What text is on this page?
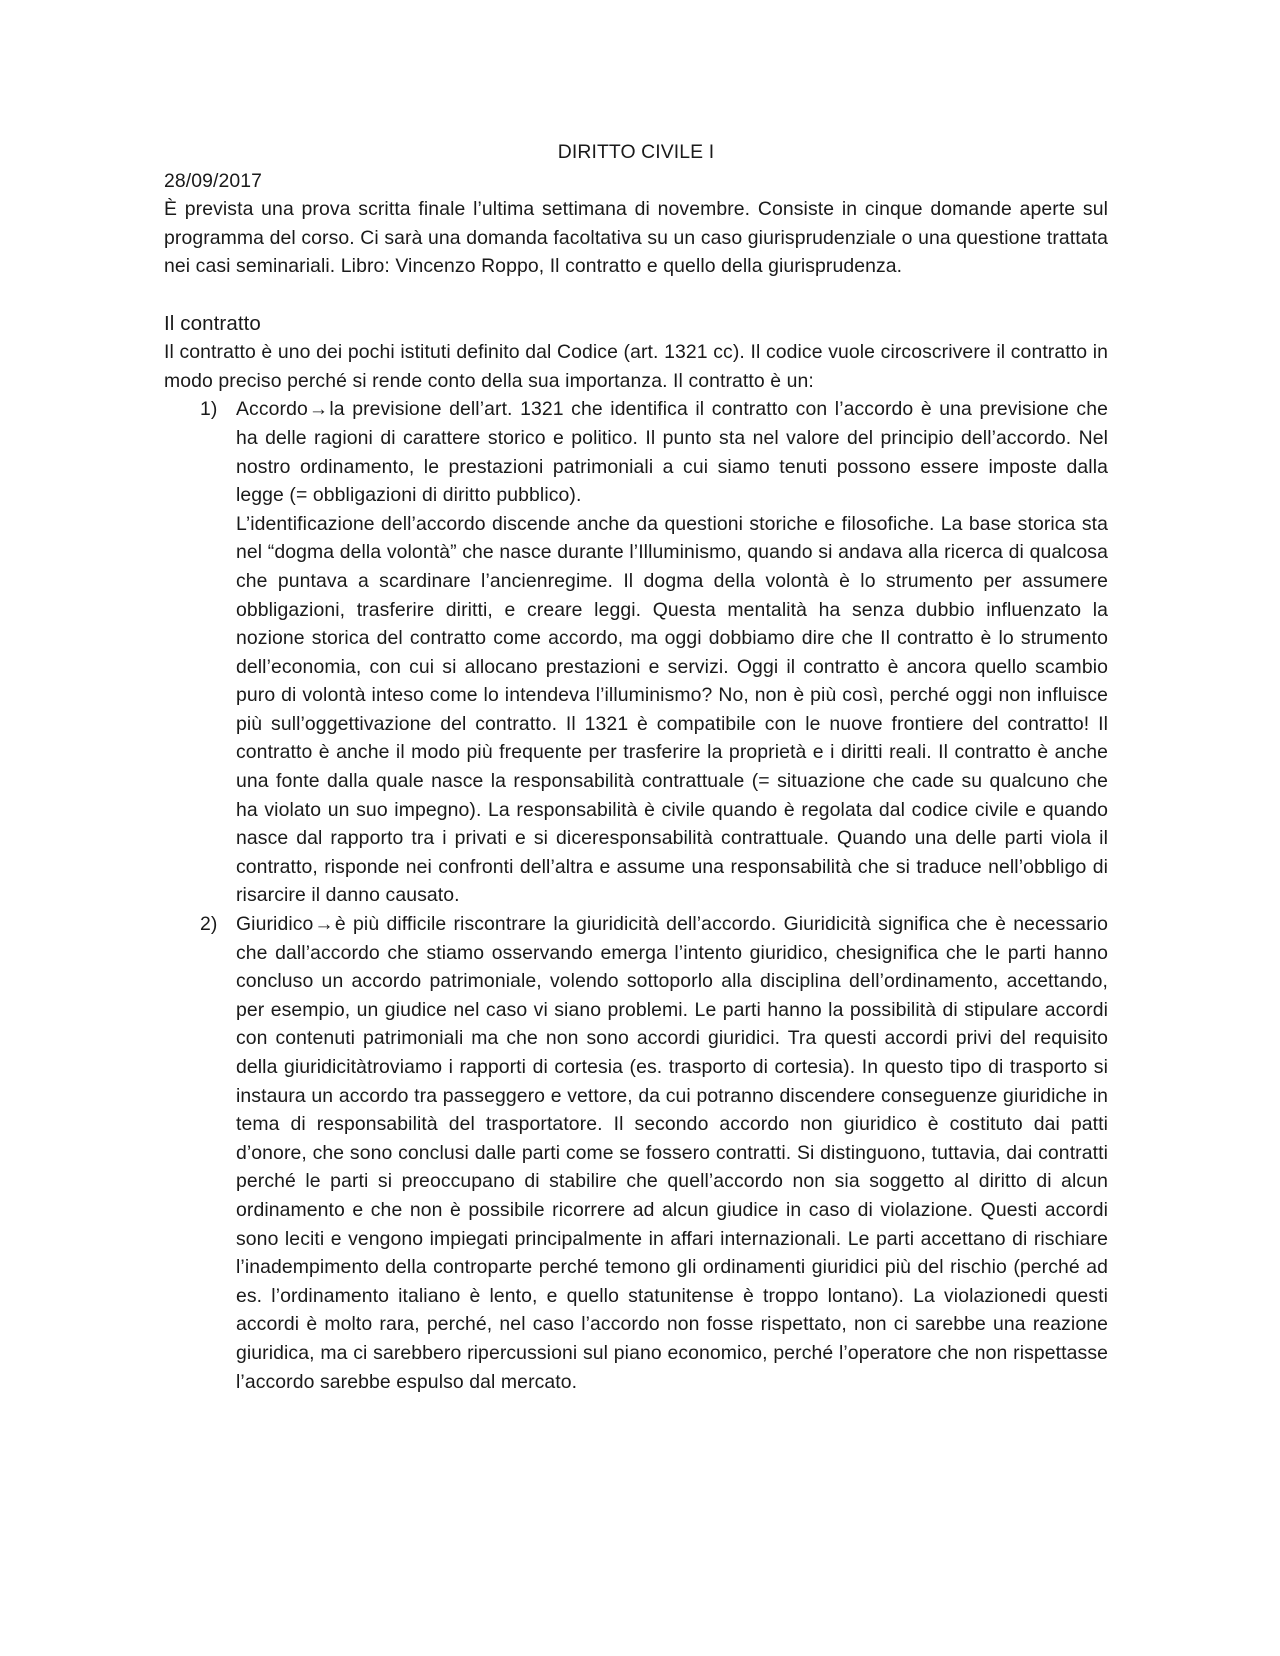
DIRITTO CIVILE I

28/09/2017

È prevista una prova scritta finale l’ultima settimana di novembre. Consiste in cinque domande aperte sul programma del corso. Ci sarà una domanda facoltativa su un caso giurisprudenziale o una questione trattata nei casi seminariali. Libro: Vincenzo Roppo, Il contratto e quello della giurisprudenza.

Il contratto

Il contratto è uno dei pochi istituti definito dal Codice (art. 1321 cc). Il codice vuole circoscrivere il contratto in modo preciso perché si rende conto della sua importanza. Il contratto è un:

1) Accordo→la previsione dell’art. 1321 che identifica il contratto con l’accordo è una previsione che ha delle ragioni di carattere storico e politico. Il punto sta nel valore del principio dell’accordo. Nel nostro ordinamento, le prestazioni patrimoniali a cui siamo tenuti possono essere imposte dalla legge (= obbligazioni di diritto pubblico).

L’identificazione dell’accordo discende anche da questioni storiche e filosofiche. La base storica sta nel “dogma della volontà” che nasce durante l’Illuminismo, quando si andava alla ricerca di qualcosa che puntava a scardinare l’ancienregime. Il dogma della volontà è lo strumento per assumere obbligazioni, trasferire diritti, e creare leggi. Questa mentalità ha senza dubbio influenzato la nozione storica del contratto come accordo, ma oggi dobbiamo dire che Il contratto è lo strumento dell’economia, con cui si allocano prestazioni e servizi. Oggi il contratto è ancora quello scambio puro di volontà inteso come lo intendeva l’illuminismo? No, non è più così, perché oggi non influisce più sull’oggettivazione del contratto. Il 1321 è compatibile con le nuove frontiere del contratto! Il contratto è anche il modo più frequente per trasferire la proprietà e i diritti reali. Il contratto è anche una fonte dalla quale nasce la responsabilità contrattuale (= situazione che cade su qualcuno che ha violato un suo impegno). La responsabilità è civile quando è regolata dal codice civile e quando nasce dal rapporto tra i privati e si diceresponsabilità contrattuale. Quando una delle parti viola il contratto, risponde nei confronti dell’altra e assume una responsabilità che si traduce nell’obbligo di risarcire il danno causato.

2) Giuridico→è più difficile riscontrare la giuridicità dell’accordo. Giuridicità significa che è necessario che dall’accordo che stiamo osservando emerga l’intento giuridico, chesignifica che le parti hanno concluso un accordo patrimoniale, volendo sottoporlo alla disciplina dell’ordinamento, accettando, per esempio, un giudice nel caso vi siano problemi. Le parti hanno la possibilità di stipulare accordi con contenuti patrimoniali ma che non sono accordi giuridici. Tra questi accordi privi del requisito della giuridicitàtroviamo i rapporti di cortesia (es. trasporto di cortesia). In questo tipo di trasporto si instaura un accordo tra passeggero e vettore, da cui potranno discendere conseguenze giuridiche in tema di responsabilità del trasportatore. Il secondo accordo non giuridico è costituto dai patti d’onore, che sono conclusi dalle parti come se fossero contratti. Si distinguono, tuttavia, dai contratti perché le parti si preoccupano di stabilire che quell’accordo non sia soggetto al diritto di alcun ordinamento e che non è possibile ricorrere ad alcun giudice in caso di violazione. Questi accordi sono leciti e vengono impiegati principalmente in affari internazionali. Le parti accettano di rischiare l’inadempimento della controparte perché temono gli ordinamenti giuridici più del rischio (perché ad es. l’ordinamento italiano è lento, e quello statunitense è troppo lontano). La violazionedi questi accordi è molto rara, perché, nel caso l’accordo non fosse rispettato, non ci sarebbe una reazione giuridica, ma ci sarebbero ripercussioni sul piano economico, perché l’operatore che non rispettasse l’accordo sarebbe espulso dal mercato.
